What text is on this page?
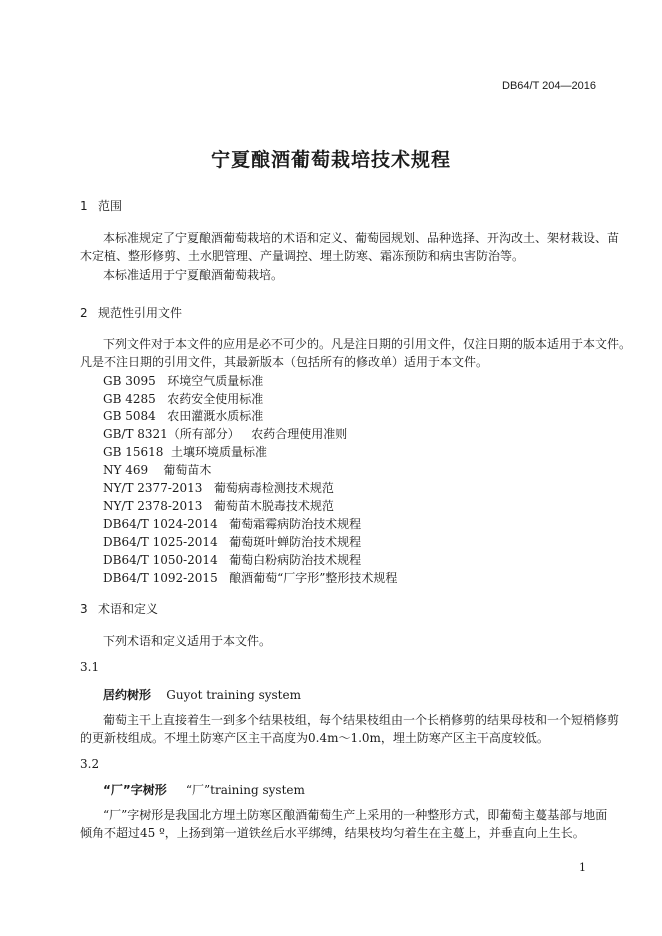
DB64/T 204—2016
宁夏酿酒葡萄栽培技术规程
1 范围
本标准规定了宁夏酿酒葡萄栽培的术语和定义、葡萄园规划、品种选择、开沟改土、架材栽设、苗
木定植、整形修剪、土水肥管理、产量调控、埋土防寒、霜冻预防和病虫害防治等。
本标准适用于宁夏酿酒葡萄栽培。
2 规范性引用文件
下列文件对于本文件的应用是必不可少的。凡是注日期的引用文件，仅注日期的版本适用于本文件。
凡是不注日期的引用文件，其最新版本（包括所有的修改单）适用于本文件。
GB 3095 环境空气质量标准
GB 4285 农药安全使用标准
GB 5084 农田灌溉水质标准
GB/T 8321（所有部分） 农药合理使用准则
GB 15618 土壤环境质量标准
NY 469 葡萄苗木
NY/T 2377-2013 葡萄病毒检测技术规范
NY/T 2378-2013 葡萄苗木脱毒技术规范
DB64/T 1024-2014 葡萄霜霉病防治技术规程
DB64/T 1025-2014 葡萄斑叶蝉防治技术规程
DB64/T 1050-2014 葡萄白粉病防治技术规程
DB64/T 1092-2015 酿酒葡萄“厂字形”整形技术规程
3 术语和定义
下列术语和定义适用于本文件。
3.1
居约树形 Guyot training system
葡萄主干上直接着生一到多个结果枝组，每个结果枝组由一个长梢修剪的结果母枝和一个短梢修剪
的更新枝组成。不埋土防寒产区主干高度为0.4m～1.0m，埋土防寒产区主干高度较低。
3.2
“厂”字树形 “厂”training system
“厂”字树形是我国北方埋土防寒区酿酒葡萄生产上采用的一种整形方式，即葡萄主蔓基部与地面
倾角不超过45 º，上扬到第一道铁丝后水平绑缚，结果枝均匀着生在主蔓上，并垂直向上生长。
1
